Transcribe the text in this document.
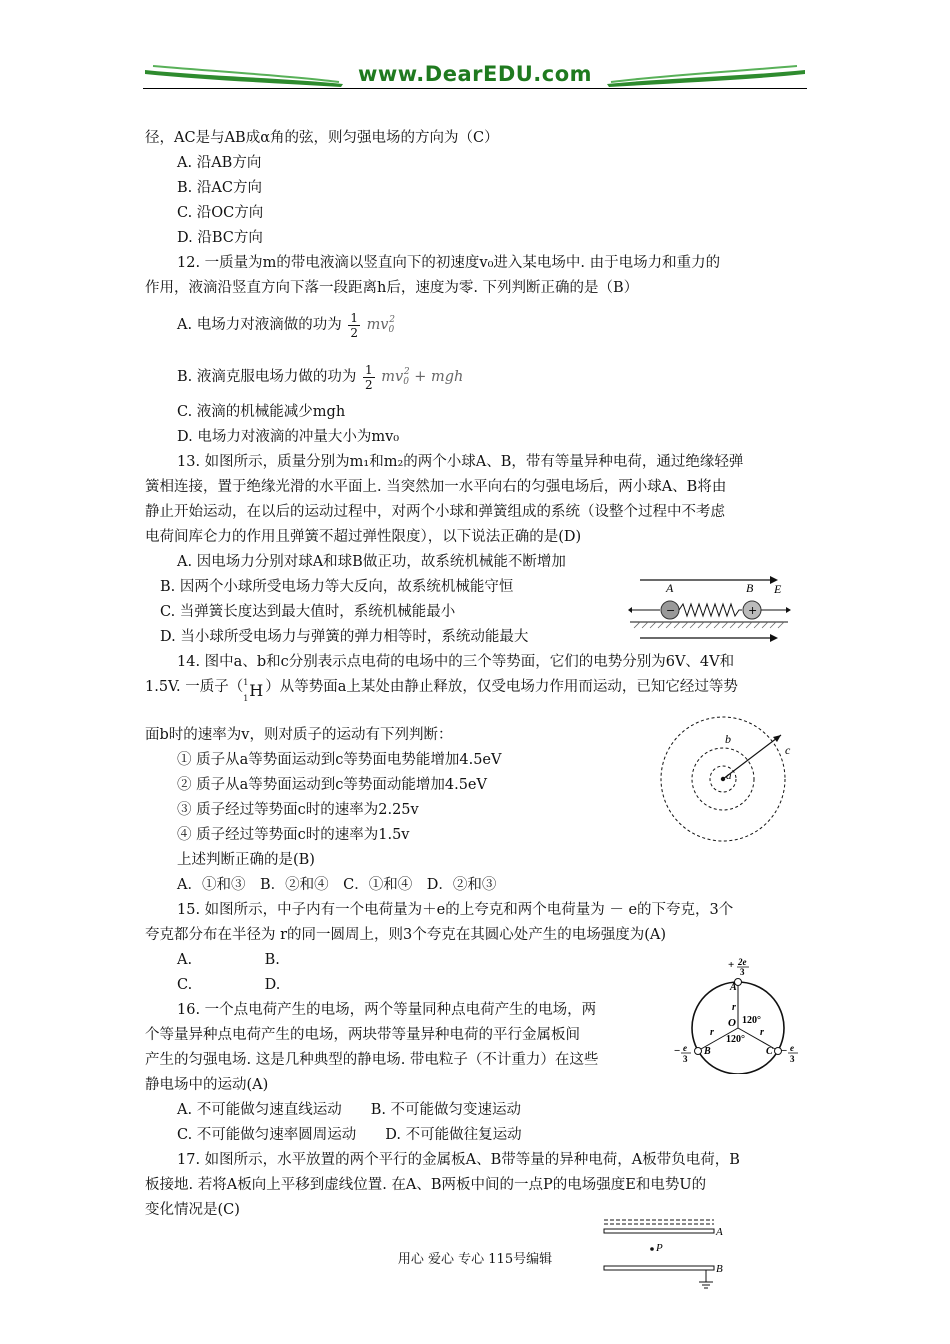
www.DearEDU.com
径，AC是与AB成α角的弦，则匀强电场的方向为（C）
A. 沿AB方向
B. 沿AC方向
C. 沿OC方向
D. 沿BC方向
12. 一质量为m的带电液滴以竖直向下的初速度v₀进入某电场中. 由于电场力和重力的
作用，液滴沿竖直方向下落一段距离h后，速度为零. 下列判断正确的是（B）
A. 电场力对液滴做的功为 $\frac{1}{2} mv_0^2$
B. 液滴克服电场力做的功为 $\frac{1}{2} mv_0^2$ + mgh
C. 液滴的机械能减少mgh
D. 电场力对液滴的冲量大小为mv₀
13. 如图所示，质量分别为m₁和m₂的两个小球A、B，带有等量异种电荷，通过绝缘轻弹
簧相连接，置于绝缘光滑的水平面上. 当突然加一水平向右的匀强电场后，两小球A、B将由
静止开始运动，在以后的运动过程中，对两个小球和弹簧组成的系统（设整个过程中不考虑
电荷间库仑力的作用且弹簧不超过弹性限度），以下说法正确的是(D)
A. 因电场力分别对球A和球B做正功，故系统机械能不断增加
B. 因两个小球所受电场力等大反向，故系统机械能守恒
C. 当弹簧长度达到最大值时，系统机械能最小
D. 当小球所受电场力与弹簧的弹力相等时，系统动能最大
A	B E
−	+
14. 图中a、b和c分别表示点电荷的电场中的三个等势面，它们的电势分别为6V、4V和
1.5V. 一质子（ 1
1 H ）从等势面a上某处由静止释放，仅受电场力作用而运动，已知它经过等势
面b时的速率为v，则对质子的运动有下列判断：
① 质子从a等势面运动到c等势面电势能增加4.5eV
② 质子从a等势面运动到c等势面动能增加4.5eV
③ 质子经过等势面c时的速率为2.25v
④ 质子经过等势面c时的速率为1.5v
上述判断正确的是(B)
A．①和③　B．②和④　C．①和④　D．②和③
a
b
c
15. 如图所示，中子内有一个电荷量为＋e的上夸克和两个电荷量为 － e的下夸克，3个
夸克都分布在半径为 r的同一圆周上，则3个夸克在其圆心处产生的电场强度为(A)
A.　　　　　B.
C.　　　　　D.
+ 2e
3
A
r
O 120°
120°
r	r
B	C
− e
3
− e
3
16. 一个点电荷产生的电场，两个等量同种点电荷产生的电场，两
个等量异种点电荷产生的电场，两块带等量异种电荷的平行金属板间
产生的匀强电场. 这是几种典型的静电场. 带电粒子（不计重力）在这些
静电场中的运动(A)
A. 不可能做匀速直线运动　　B. 不可能做匀变速运动
C. 不可能做匀速率圆周运动　　D. 不可能做往复运动
17. 如图所示，水平放置的两个平行的金属板A、B带等量的异种电荷，A板带负电荷，B
板接地. 若将A板向上平移到虚线位置. 在A、B两板中间的一点P的电场强度E和电势U的
变化情况是(C)
A
P
B
用心 爱心 专心 115号编辑
